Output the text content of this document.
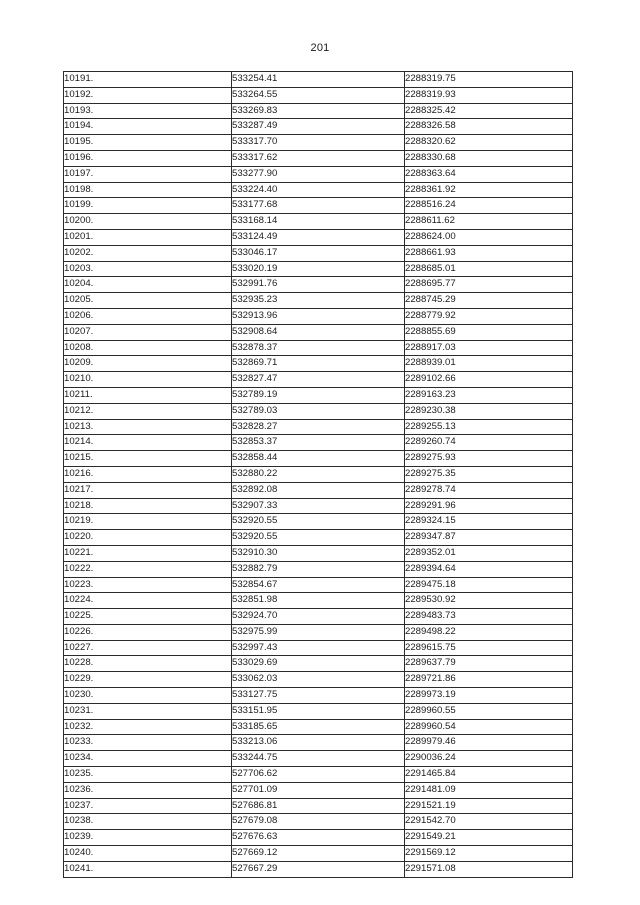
201
10191.	533254.41	2288319.75
10192.	533264.55	2288319.93
10193.	533269.83	2288325.42
10194.	533287.49	2288326.58
10195.	533317.70	2288320.62
10196.	533317.62	2288330.68
10197.	533277.90	2288363.64
10198.	533224.40	2288361.92
10199.	533177.68	2288516.24
10200.	533168.14	2288611.62
10201.	533124.49	2288624.00
10202.	533046.17	2288661.93
10203.	533020.19	2288685.01
10204.	532991.76	2288695.77
10205.	532935.23	2288745.29
10206.	532913.96	2288779.92
10207.	532908.64	2288855.69
10208.	532878.37	2288917.03
10209.	532869.71	2288939.01
10210.	532827.47	2289102.66
10211.	532789.19	2289163.23
10212.	532789.03	2289230.38
10213.	532828.27	2289255.13
10214.	532853.37	2289260.74
10215.	532858.44	2289275.93
10216.	532880.22	2289275.35
10217.	532892.08	2289278.74
10218.	532907.33	2289291.96
10219.	532920.55	2289324.15
10220.	532920.55	2289347.87
10221.	532910.30	2289352.01
10222.	532882.79	2289394.64
10223.	532854.67	2289475.18
10224.	532851.98	2289530.92
10225.	532924.70	2289483.73
10226.	532975.99	2289498.22
10227.	532997.43	2289615.75
10228.	533029.69	2289637.79
10229.	533062.03	2289721.86
10230.	533127.75	2289973.19
10231.	533151.95	2289960.55
10232.	533185.65	2289960.54
10233.	533213.06	2289979.46
10234.	533244.75	2290036.24
10235.	527706.62	2291465.84
10236.	527701.09	2291481.09
10237.	527686.81	2291521.19
10238.	527679.08	2291542.70
10239.	527676.63	2291549.21
10240.	527669.12	2291569.12
10241.	527667.29	2291571.08
